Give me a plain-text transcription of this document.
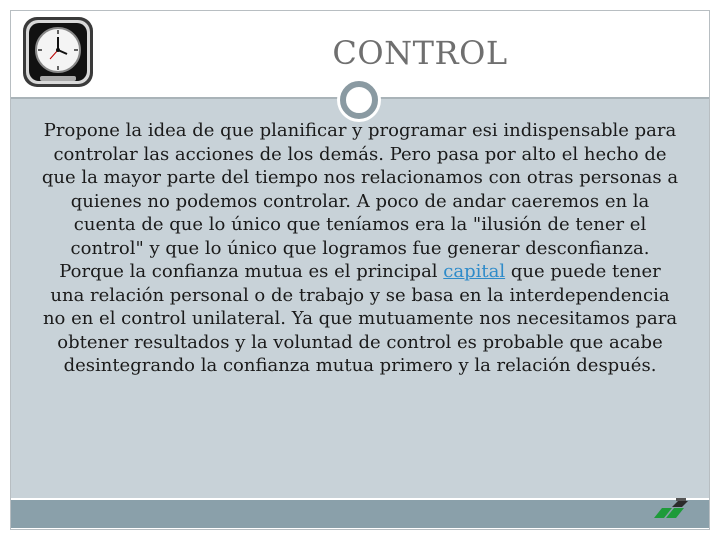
CONTROL
Propone la idea de que planificar y programar esi indispensable para controlar las acciones de los demás. Pero pasa por alto el hecho de que la mayor parte del tiempo nos relacionamos con otras personas a quienes no podemos controlar. A poco de andar caeremos en la cuenta de que lo único que teníamos era la "ilusión de tener el control" y que lo único que logramos fue generar desconfianza. Porque la confianza mutua es el principal capital que puede tener una relación personal o de trabajo y se basa en la interdependencia no en el control unilateral. Ya que mutuamente nos necesitamos para obtener resultados y la voluntad de control es probable que acabe desintegrando la confianza mutua primero y la relación después.
